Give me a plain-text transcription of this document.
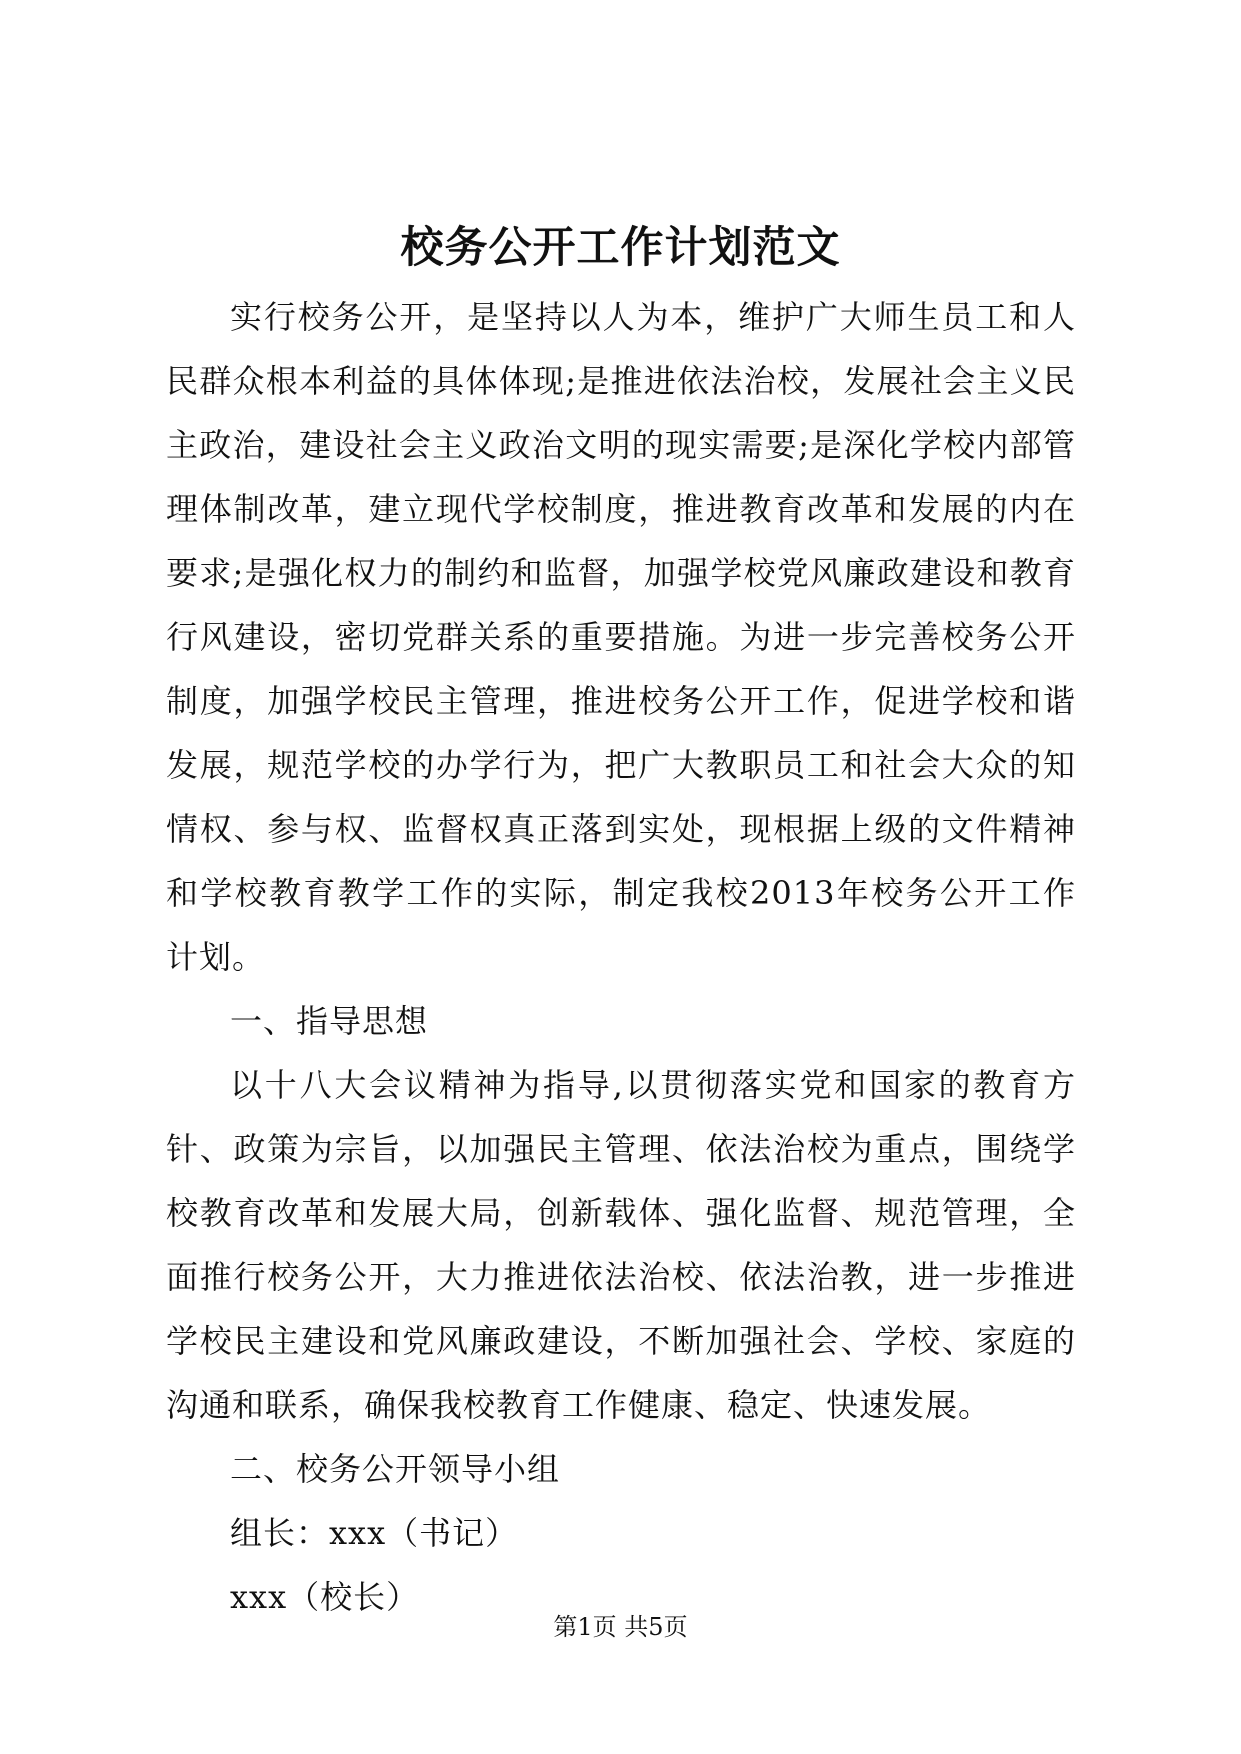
校务公开工作计划范文

实行校务公开，是坚持以人为本，维护广大师生员工和人民群众根本利益的具体体现;是推进依法治校，发展社会主义民主政治，建设社会主义政治文明的现实需要;是深化学校内部管理体制改革，建立现代学校制度，推进教育改革和发展的内在要求;是强化权力的制约和监督，加强学校党风廉政建设和教育行风建设，密切党群关系的重要措施。为进一步完善校务公开制度，加强学校民主管理，推进校务公开工作，促进学校和谐发展，规范学校的办学行为，把广大教职员工和社会大众的知情权、参与权、监督权真正落到实处，现根据上级的文件精神和学校教育教学工作的实际，制定我校2013年校务公开工作计划。

一、指导思想

以十八大会议精神为指导,以贯彻落实党和国家的教育方针、政策为宗旨，以加强民主管理、依法治校为重点，围绕学校教育改革和发展大局，创新载体、强化监督、规范管理，全面推行校务公开，大力推进依法治校、依法治教，进一步推进学校民主建设和党风廉政建设，不断加强社会、学校、家庭的沟通和联系，确保我校教育工作健康、稳定、快速发展。

二、校务公开领导小组

组长：xxx（书记）

xxx（校长）

第1页 共5页
